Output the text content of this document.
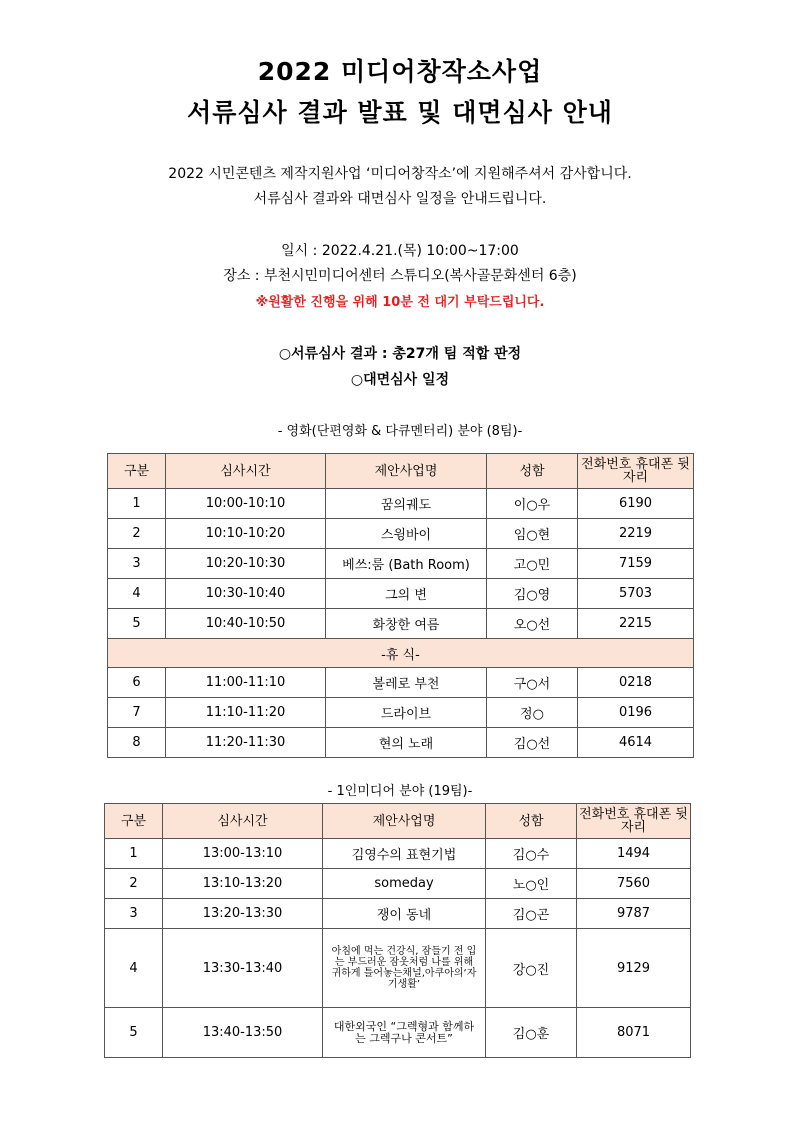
2022 미디어창작소사업
서류심사 결과 발표 및 대면심사 안내
2022 시민콘텐츠 제작지원사업 ‘미디어창작소’에 지원해주셔서 감사합니다.
서류심사 결과와 대면심사 일정을 안내드립니다.
일시 : 2022.4.21.(목) 10:00~17:00
장소 : 부천시민미디어센터 스튜디오(복사골문화센터 6층)
※원활한 진행을 위해 10분 전 대기 부탁드립니다.
○서류심사 결과 : 총27개 팀 적합 판정
○대면심사 일정
- 영화(단편영화 & 다큐멘터리) 분야 (8팀)-
구분	심사시간	제안사업명	성함	전화번호 휴대폰 뒷자리
1	10:00-10:10	꿈의궤도	이○우	6190
2	10:10-10:20	스윙바이	임○현	2219
3	10:20-10:30	베쓰:룸 (Bath Room)	고○민	7159
4	10:30-10:40	그의 변	김○영	5703
5	10:40-10:50	화창한 여름	오○선	2215
-휴 식-				
6	11:00-11:10	볼레로 부천	구○서	0218
7	11:10-11:20	드라이브	정○	0196
8	11:20-11:30	현의 노래	김○선	4614
- 1인미디어 분야 (19팀)-
구분	심사시간	제안사업명	성함	전화번호 휴대폰 뒷자리
1	13:00-13:10	김영수의 표현기법	김○수	1494
2	13:10-13:20	someday	노○인	7560
3	13:20-13:30	쟁이 동네	김○곤	9787
4	13:30-13:40	아침에 먹는 건강식, 잠들기 전 입는 부드러운 잠옷처럼 나를 위해 귀하게 틀어놓는채널,아쿠아의‘자기생활’	강○진	9129
5	13:40-13:50	대한외국인 “그렉형과 함께하는 그렉구나 콘서트”	김○훈	8071
